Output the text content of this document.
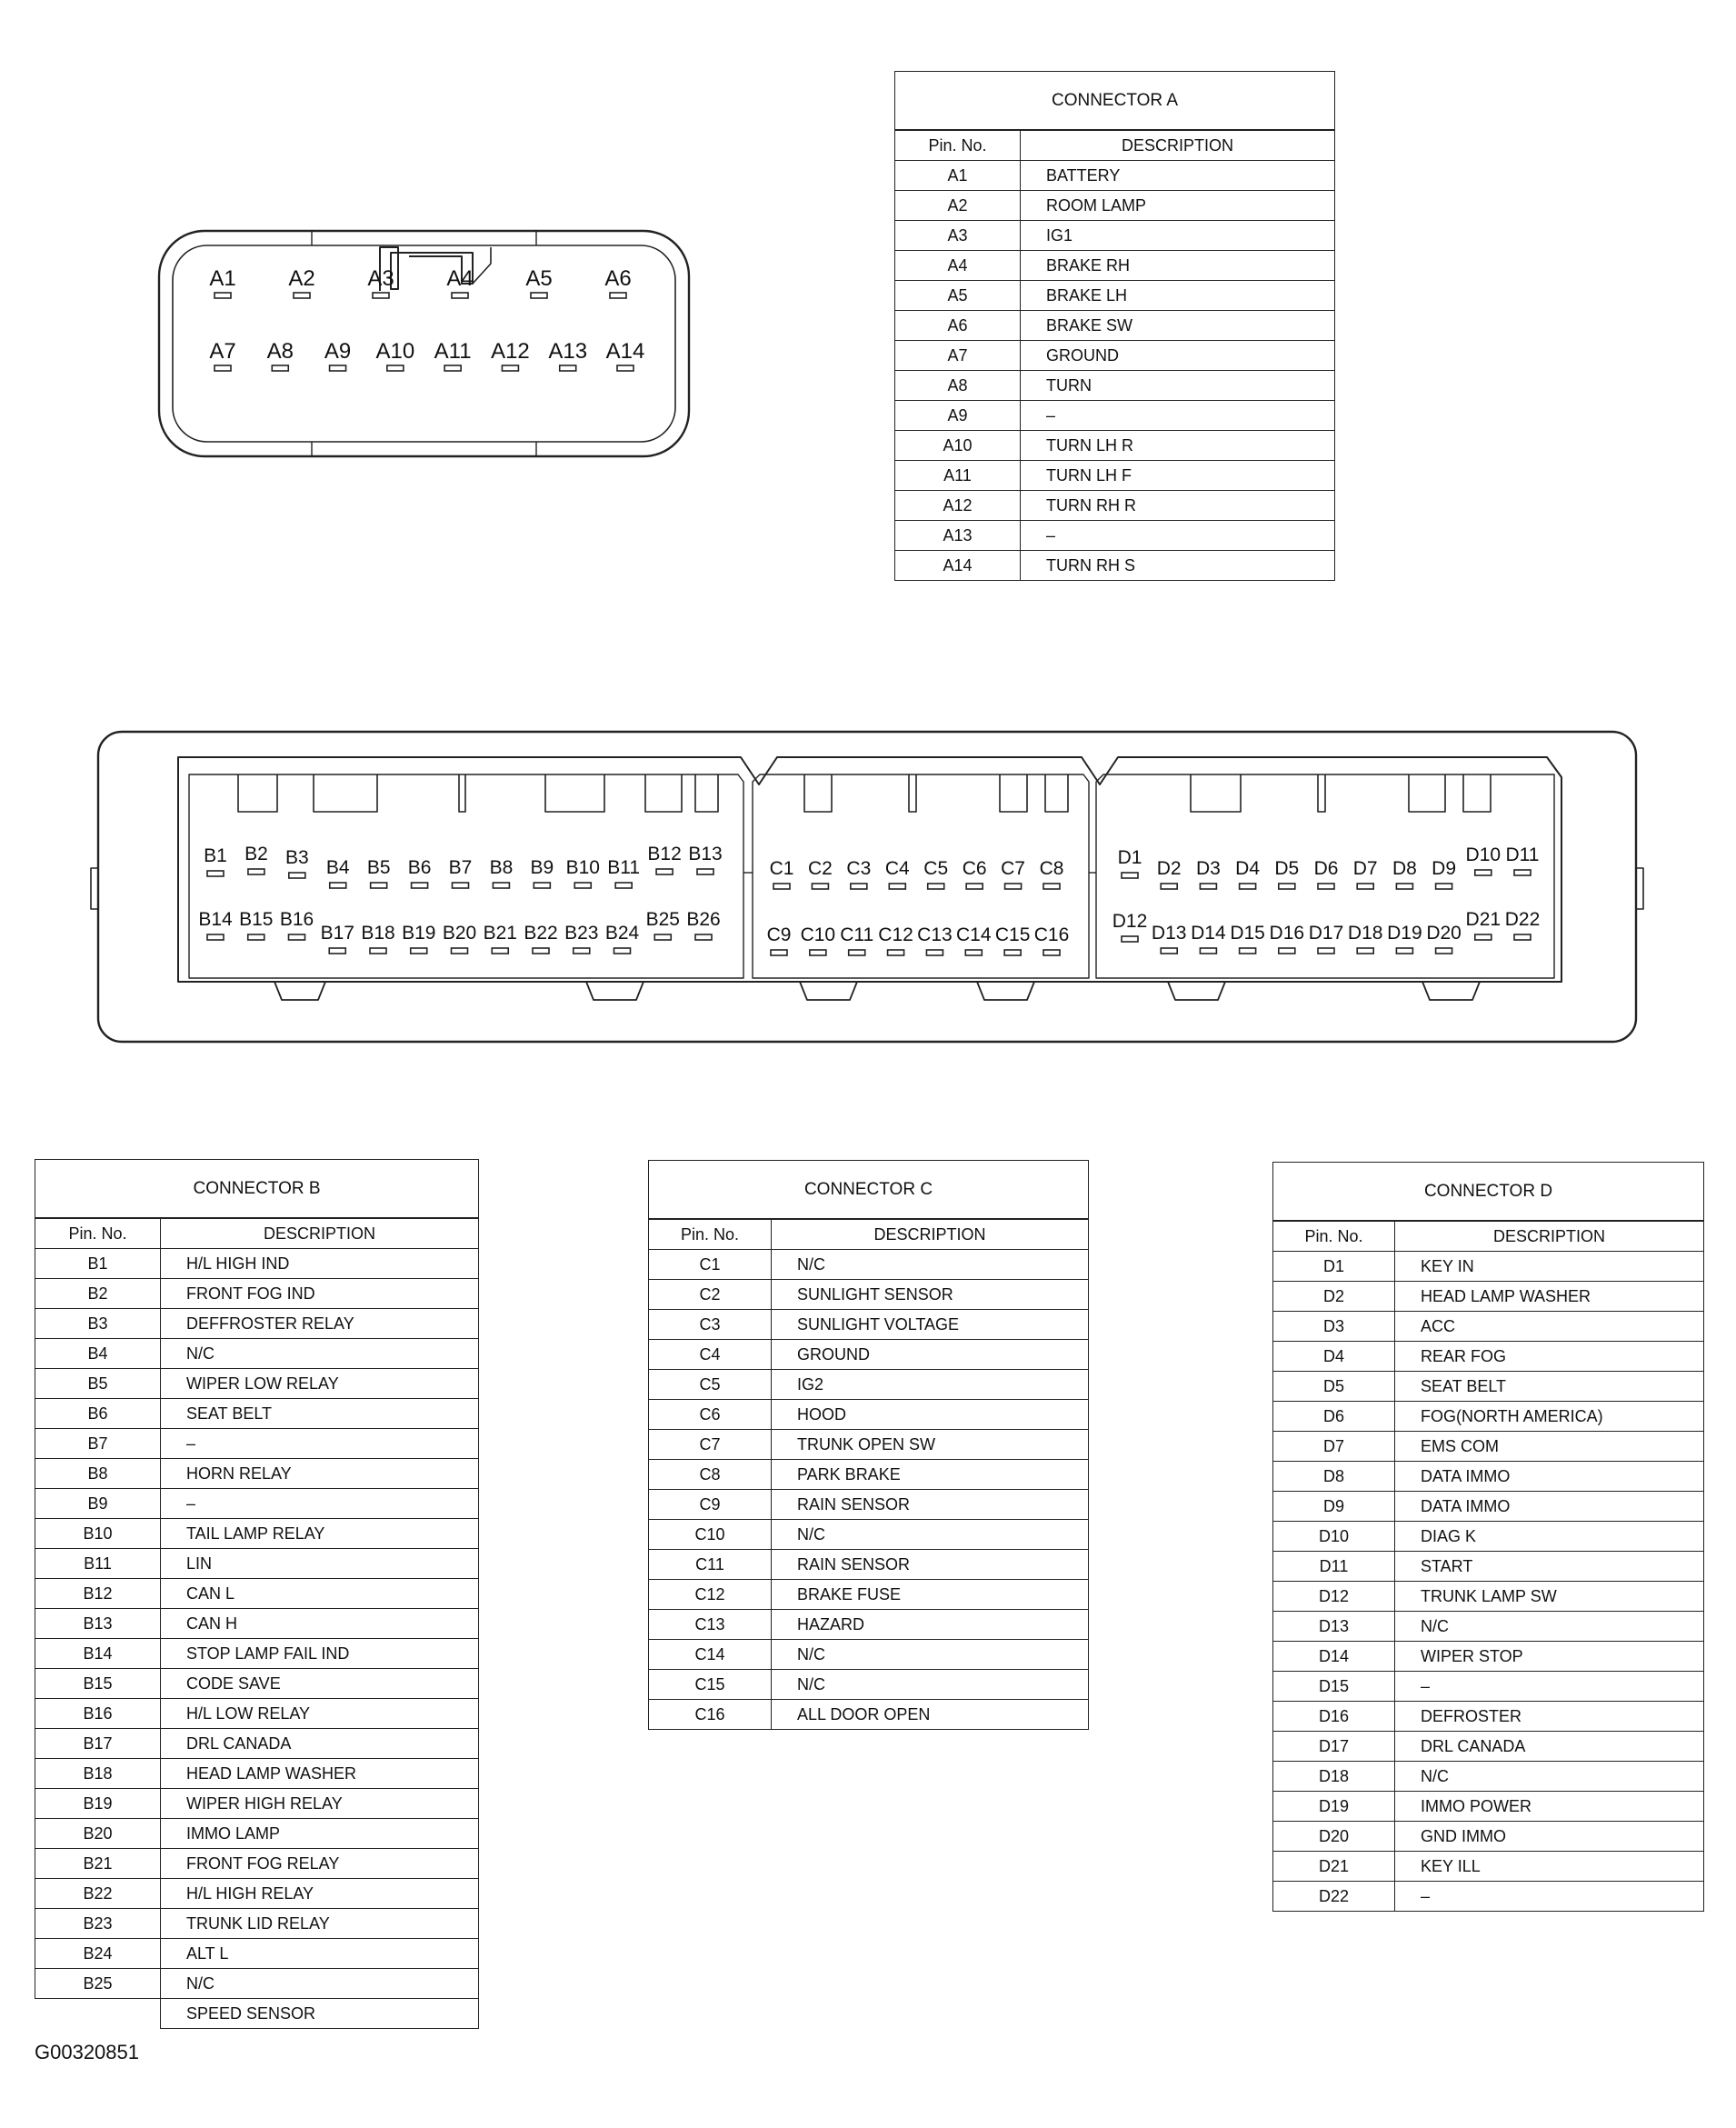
A1 A2 A3 A4 A5 A6
A7 A8 A9 A10 A11 A12 A13 A14
B1 B2 B3 B4 B5 B6 B7 B8 B9 B10 B11
B12 B13
B14 B15 B16
B17 B18 B19 B20 B21 B22 B23 B24
B25 B26
C1 C2 C3 C4 C5 C6 C7 C8
C9 C10 C11 C12 C13 C14 C15 C16
D1
D2 D3 D4 D5 D6 D7 D8 D9
D10 D11
D12
D13 D14 D15 D16 D17 D18 D19 D20
D21 D22
CONNECTOR A	
Pin. No.	DESCRIPTION
A1	BATTERY
A2	ROOM LAMP
A3	IG1
A4	BRAKE RH
A5	BRAKE LH
A6	BRAKE SW
A7	GROUND
A8	TURN
A9	–
A10	TURN LH R
A11	TURN LH F
A12	TURN RH R
A13	–
A14	TURN RH S
CONNECTOR B	
Pin. No.	DESCRIPTION
B1	H/L HIGH IND
B2	FRONT FOG IND
B3	DEFFROSTER RELAY
B4	N/C
B5	WIPER LOW RELAY
B6	SEAT BELT
B7	–
B8	HORN RELAY
B9	–
B10	TAIL LAMP RELAY
B11	LIN
B12	CAN L
B13	CAN H
B14	STOP LAMP FAIL IND
B15	CODE SAVE
B16	H/L LOW RELAY
B17	DRL CANADA
B18	HEAD LAMP WASHER
B19	WIPER HIGH RELAY
B20	IMMO LAMP
B21	FRONT FOG RELAY
B22	H/L HIGH RELAY
B23	TRUNK LID RELAY
B24	ALT L
B25	N/C
	SPEED SENSOR
CONNECTOR C	
Pin. No.	DESCRIPTION
C1	N/C
C2	SUNLIGHT SENSOR
C3	SUNLIGHT VOLTAGE
C4	GROUND
C5	IG2
C6	HOOD
C7	TRUNK OPEN SW
C8	PARK BRAKE
C9	RAIN SENSOR
C10	N/C
C11	RAIN SENSOR
C12	BRAKE FUSE
C13	HAZARD
C14	N/C
C15	N/C
C16	ALL DOOR OPEN
CONNECTOR D	
Pin. No.	DESCRIPTION
D1	KEY IN
D2	HEAD LAMP WASHER
D3	ACC
D4	REAR FOG
D5	SEAT BELT
D6	FOG(NORTH AMERICA)
D7	EMS COM
D8	DATA IMMO
D9	DATA IMMO
D10	DIAG K
D11	START
D12	TRUNK LAMP SW
D13	N/C
D14	WIPER STOP
D15	–
D16	DEFROSTER
D17	DRL CANADA
D18	N/C
D19	IMMO POWER
D20	GND IMMO
D21	KEY ILL
D22	–
G00320851
